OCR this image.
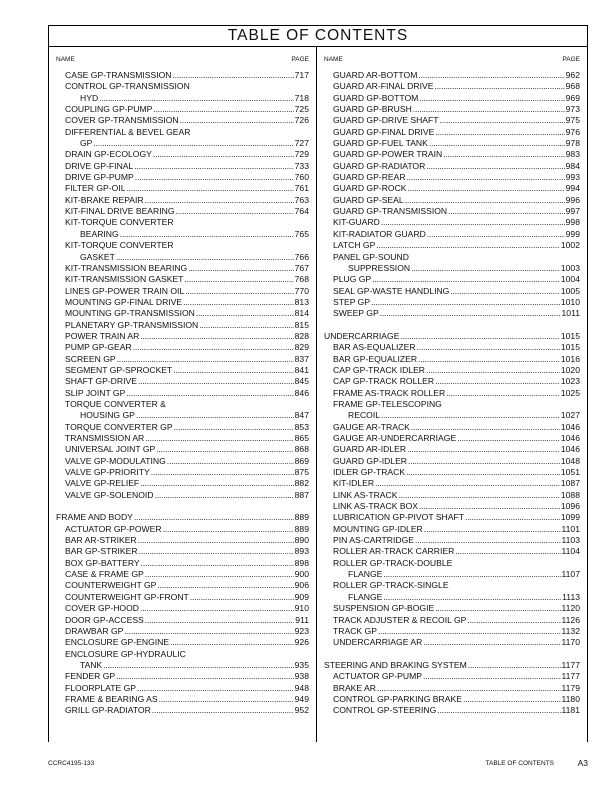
TABLE OF CONTENTS
NAME	PAGE
CASE GP-TRANSMISSION . . .	717
CONTROL GP-TRANSMISSION
HYD . . .	718
COUPLING GP-PUMP . . .	725
COVER GP-TRANSMISSION . . .	726
DIFFERENTIAL & BEVEL GEAR
GP . . .	727
DRAIN GP-ECOLOGY . . .	729
DRIVE GP-FINAL . . .	733
DRIVE GP-PUMP . . .	760
FILTER GP-OIL . . .	761
KIT-BRAKE REPAIR . . .	763
KIT-FINAL DRIVE BEARING . . .	764
KIT-TORQUE CONVERTER
BEARING . . .	765
KIT-TORQUE CONVERTER
GASKET . . .	766
KIT-TRANSMISSION BEARING . . .	767
KIT-TRANSMISSION GASKET . . .	768
LINES GP-POWER TRAIN OIL . . .	770
MOUNTING GP-FINAL DRIVE . . .	813
MOUNTING GP-TRANSMISSION . . .	814
PLANETARY GP-TRANSMISSION . . .	815
POWER TRAIN AR . . .	828
PUMP GP-GEAR . . .	829
SCREEN GP . . .	837
SEGMENT GP-SPROCKET . . .	841
SHAFT GP-DRIVE . . .	845
SLIP JOINT GP . . .	846
TORQUE CONVERTER &
HOUSING GP . . .	847
TORQUE CONVERTER GP . . .	853
TRANSMISSION AR . . .	865
UNIVERSAL JOINT GP . . .	868
VALVE GP-MODULATING . . .	869
VALVE GP-PRIORITY . . .	875
VALVE GP-RELIEF . . .	882
VALVE GP-SOLENOID . . .	887
FRAME AND BODY . . .	889
ACTUATOR GP-POWER . . .	889
BAR AR-STRIKER . . .	890
BAR GP-STRIKER . . .	893
BOX GP-BATTERY . . .	898
CASE & FRAME GP . . .	900
COUNTERWEIGHT GP . . .	906
COUNTERWEIGHT GP-FRONT . . .	909
COVER GP-HOOD . . .	910
DOOR GP-ACCESS . . .	911
DRAWBAR GP . . .	923
ENCLOSURE GP-ENGINE . . .	926
ENCLOSURE GP-HYDRAULIC
TANK . . .	935
FENDER GP . . .	938
FLOORPLATE GP . . .	948
FRAME & BEARING AS . . .	949
GRILL GP-RADIATOR . . .	952
NAME	PAGE
GUARD AR-BOTTOM . . .	962
GUARD AR-FINAL DRIVE . . .	968
GUARD GP-BOTTOM . . .	969
GUARD GP-BRUSH . . .	973
GUARD GP-DRIVE SHAFT . . .	975
GUARD GP-FINAL DRIVE . . .	976
GUARD GP-FUEL TANK . . .	978
GUARD GP-POWER TRAIN . . .	983
GUARD GP-RADIATOR . . .	984
GUARD GP-REAR . . .	993
GUARD GP-ROCK . . .	994
GUARD GP-SEAL . . .	996
GUARD GP-TRANSMISSION . . .	997
KIT-GUARD . . .	998
KIT-RADIATOR GUARD . . .	999
LATCH GP . . .	1002
PANEL GP-SOUND
SUPPRESSION . . .	1003
PLUG GP . . .	1004
SEAL GP-WASTE HANDLING . . .	1005
STEP GP . . .	1010
SWEEP GP . . .	1011
UNDERCARRIAGE . . .	1015
BAR AS-EQUALIZER . . .	1015
BAR GP-EQUALIZER . . .	1016
CAP GP-TRACK IDLER . . .	1020
CAP GP-TRACK ROLLER . . .	1023
FRAME AS-TRACK ROLLER . . .	1025
FRAME GP-TELESCOPING
RECOIL . . .	1027
GAUGE AR-TRACK . . .	1046
GAUGE AR-UNDERCARRIAGE . . .	1046
GUARD AR-IDLER . . .	1046
GUARD GP-IDLER . . .	1048
IDLER GP-TRACK . . .	1051
KIT-IDLER . . .	1087
LINK AS-TRACK . . .	1088
LINK AS-TRACK BOX . . .	1096
LUBRICATION GP-PIVOT SHAFT . . .	1099
MOUNTING GP-IDLER . . .	1101
PIN AS-CARTRIDGE . . .	1103
ROLLER AR-TRACK CARRIER . . .	1104
ROLLER GP-TRACK-DOUBLE
FLANGE . . .	1107
ROLLER GP-TRACK-SINGLE
FLANGE . . .	1113
SUSPENSION GP-BOGIE . . .	1120
TRACK ADJUSTER & RECOIL GP . . .	1126
TRACK GP . . .	1132
UNDERCARRIAGE AR . . .	1170
STEERING AND BRAKING SYSTEM . . .	1177
ACTUATOR GP-PUMP . . .	1177
BRAKE AR . . .	1179
CONTROL GP-PARKING BRAKE . . .	1180
CONTROL GP-STEERING . . .	1181
CCRC4195-133	TABLE OF CONTENTS	A3
